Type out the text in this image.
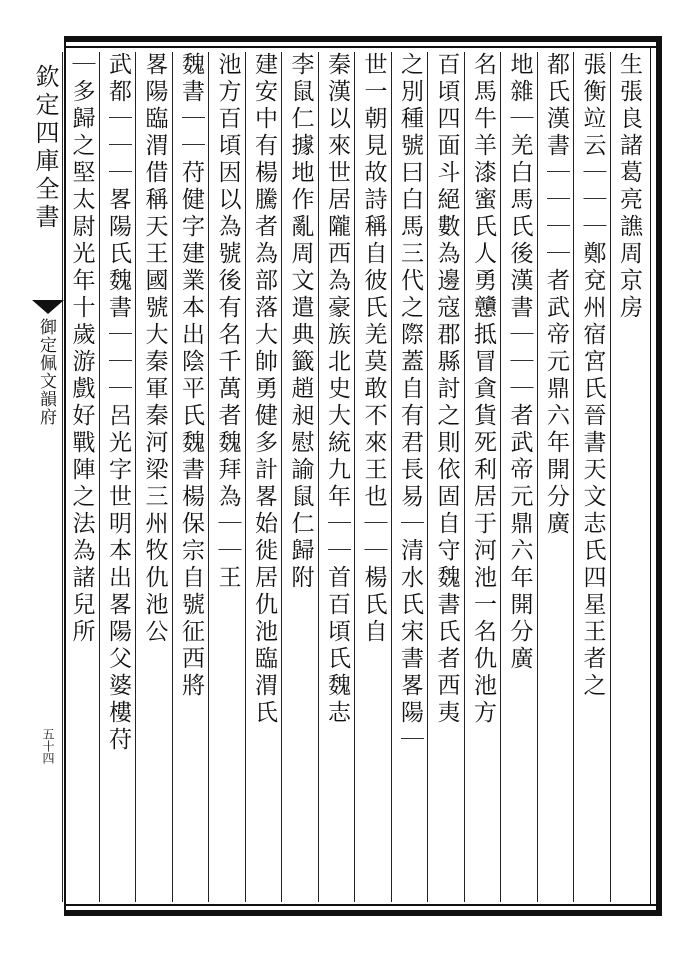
欽定四庫全書
御定佩文韻府
五十四
生張良諸葛亮譙周京房
張衡竝云｜｜｜鄭兗州宿宮氏晉書天文志氏四星王者之
都氏漢書｜｜｜｜者武帝元鼎六年開分廣
地雜｜羌白馬氏後漢書｜｜｜者武帝元鼎六年開分廣
名馬牛羊漆蜜氏人勇戇抵冒貪貨死利居于河池一名仇池方
百頃四面斗絕數為邊寇郡縣討之則依固自守魏書氏者西夷
之別種號曰白馬三代之際蓋自有君長易｜清水氏宋書畧陽｜
世一朝見故詩稱自彼氏羌莫敢不來王也｜｜楊氏自
秦漢以來世居隴西為豪族北史大統九年｜｜首百頃氏魏志
李鼠仁據地作亂周文遣典籤趙昶慰諭鼠仁歸附
建安中有楊騰者為部落大帥勇健多計畧始徙居仇池臨渭氏
池方百頃因以為號後有名千萬者魏拜為｜｜王
魏書｜｜苻健字建業本出陰平氏魏書楊保宗自號征西將
畧陽臨渭借稱天王國號大秦軍秦河梁三州牧仇池公
武都｜｜｜畧陽氏魏書｜｜｜呂光字世明本出畧陽父婆樓苻
｜多歸之堅太尉光年十歲游戲好戰陣之法為諸兒所
